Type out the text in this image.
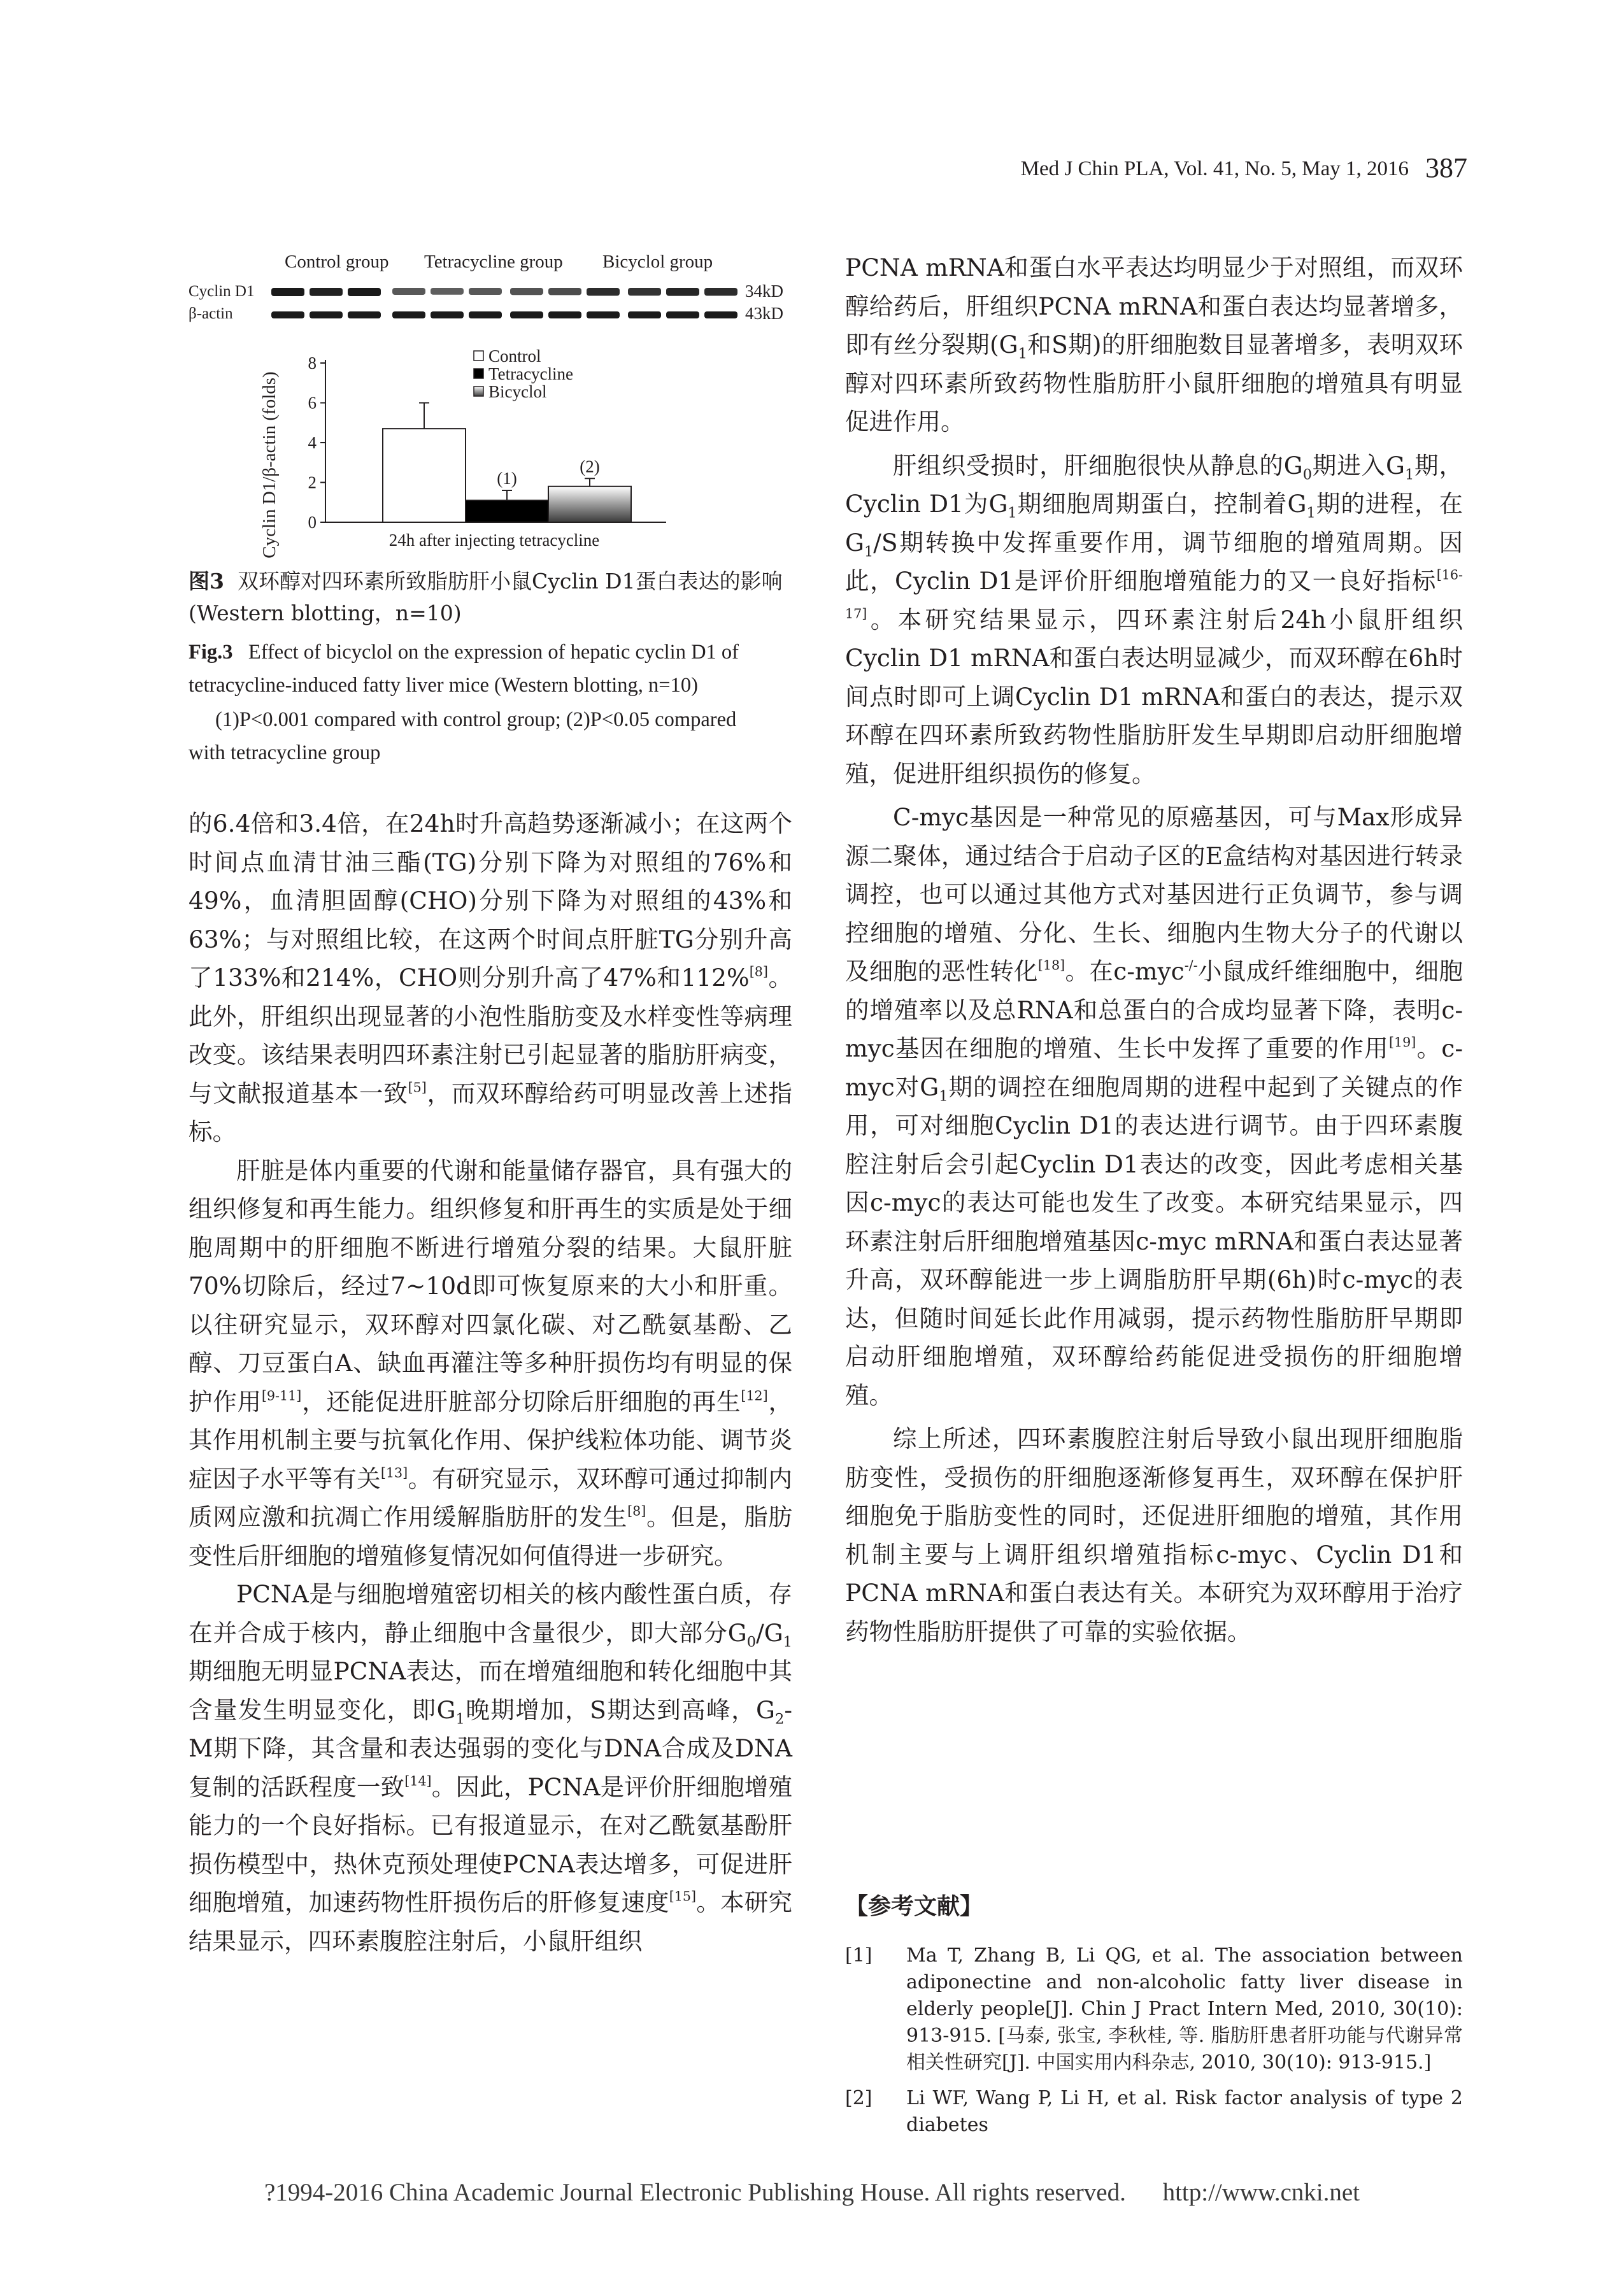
Med J Chin PLA, Vol. 41, No. 5, May 1, 2016 387
Control group Tetracycline group Bicyclol group
Cyclin D1
β-actin
34kD
43kD
Cyclin D1/β-actin (folds)	24h after injecting tetracycline
0
2
4
6
8
(1)
(2)
Control
Tetracycline
Bicyclol

图3 双环醇对四环素所致脂肪肝小鼠Cyclin D1蛋白表达的影响(Western blotting，n=10)

Fig.3 Effect of bicyclol on the expression of hepatic cyclin D1 of tetracycline-induced fatty liver mice (Western blotting, n=10)

(1)P<0.001 compared with control group; (2)P<0.05 compared

with tetracycline group

的6.4倍和3.4倍，在24h时升高趋势逐渐减小；在这两个时间点血清甘油三酯(TG)分别下降为对照组的76%和49%，血清胆固醇(CHO)分别下降为对照组的43%和63%；与对照组比较，在这两个时间点肝脏TG分别升高了133%和214%，CHO则分别升高了47%和112%[8]。此外，肝组织出现显著的小泡性脂肪变及水样变性等病理改变。该结果表明四环素注射已引起显著的脂肪肝病变，与文献报道基本一致[5]，而双环醇给药可明显改善上述指标。

肝脏是体内重要的代谢和能量储存器官，具有强大的组织修复和再生能力。组织修复和肝再生的实质是处于细胞周期中的肝细胞不断进行增殖分裂的结果。大鼠肝脏70%切除后，经过7~10d即可恢复原来的大小和肝重。以往研究显示，双环醇对四氯化碳、对乙酰氨基酚、乙醇、刀豆蛋白A、缺血再灌注等多种肝损伤均有明显的保护作用[9-11]，还能促进肝脏部分切除后肝细胞的再生[12]，其作用机制主要与抗氧化作用、保护线粒体功能、调节炎症因子水平等有关[13]。有研究显示，双环醇可通过抑制内质网应激和抗凋亡作用缓解脂肪肝的发生[8]。但是，脂肪变性后肝细胞的增殖修复情况如何值得进一步研究。

PCNA是与细胞增殖密切相关的核内酸性蛋白质，存在并合成于核内，静止细胞中含量很少，即大部分$G_0/G_1$期细胞无明显PCNA表达，而在增殖细胞和转化细胞中其含量发生明显变化，即$G_1$晚期增加，S期达到高峰，$G_2-M$期下降，其含量和表达强弱的变化与DNA合成及DNA复制的活跃程度一致[14]。因此，PCNA是评价肝细胞增殖能力的一个良好指标。已有报道显示，在对乙酰氨基酚肝损伤模型中，热休克预处理使PCNA表达增多，可促进肝细胞增殖，加速药物性肝损伤后的肝修复速度[15]。本研究结果显示，四环素腹腔注射后，小鼠肝组织

PCNA mRNA和蛋白水平表达均明显少于对照组，而双环醇给药后，肝组织PCNA mRNA和蛋白表达均显著增多，即有丝分裂期($G_1$和S期)的肝细胞数目显著增多，表明双环醇对四环素所致药物性脂肪肝小鼠肝细胞的增殖具有明显促进作用。

肝组织受损时，肝细胞很快从静息的$G_0$期进入$G_1$期，Cyclin D1为$G_1$期细胞周期蛋白，控制着$G_1$期的进程，在$G_1/S$期转换中发挥重要作用，调节细胞的增殖周期。因此，Cyclin D1是评价肝细胞增殖能力的又一良好指标[16-17]。本研究结果显示，四环素注射后24h小鼠肝组织Cyclin D1 mRNA和蛋白表达明显减少，而双环醇在6h时间点时即可上调Cyclin D1 mRNA和蛋白的表达，提示双环醇在四环素所致药物性脂肪肝发生早期即启动肝细胞增殖，促进肝组织损伤的修复。

C-myc基因是一种常见的原癌基因，可与Max形成异源二聚体，通过结合于启动子区的E盒结构对基因进行转录调控，也可以通过其他方式对基因进行正负调节，参与调控细胞的增殖、分化、生长、细胞内生物大分子的代谢以及细胞的恶性转化[18]。在c-myc-/-小鼠成纤维细胞中，细胞的增殖率以及总RNA和总蛋白的合成均显著下降，表明c-myc基因在细胞的增殖、生长中发挥了重要的作用[19]。c-myc对$G_1$期的调控在细胞周期的进程中起到了关键点的作用，可对细胞Cyclin D1的表达进行调节。由于四环素腹腔注射后会引起Cyclin D1表达的改变，因此考虑相关基因c-myc的表达可能也发生了改变。本研究结果显示，四环素注射后肝细胞增殖基因c-myc mRNA和蛋白表达显著升高，双环醇能进一步上调脂肪肝早期(6h)时c-myc的表达，但随时间延长此作用减弱，提示药物性脂肪肝早期即启动肝细胞增殖，双环醇给药能促进受损伤的肝细胞增殖。

综上所述，四环素腹腔注射后导致小鼠出现肝细胞脂肪变性，受损伤的肝细胞逐渐修复再生，双环醇在保护肝细胞免于脂肪变性的同时，还促进肝细胞的增殖，其作用机制主要与上调肝组织增殖指标c-myc、Cyclin D1和PCNA mRNA和蛋白表达有关。本研究为双环醇用于治疗药物性脂肪肝提供了可靠的实验依据。

【参考文献】
[1] Ma T, Zhang B, Li QG, et al. The association between adiponectine and non-alcoholic fatty liver disease in elderly people[J]. Chin J Pract Intern Med, 2010, 30(10): 913-915. [马泰, 张宝, 李秋桂, 等. 脂肪肝患者肝功能与代谢异常相关性研究[J]. 中国实用内科杂志, 2010, 30(10): 913-915.]
[2] Li WF, Wang P, Li H, et al. Risk factor analysis of type 2 diabetes
?1994-2016 China Academic Journal Electronic Publishing House. All rights reserved. http://www.cnki.net
